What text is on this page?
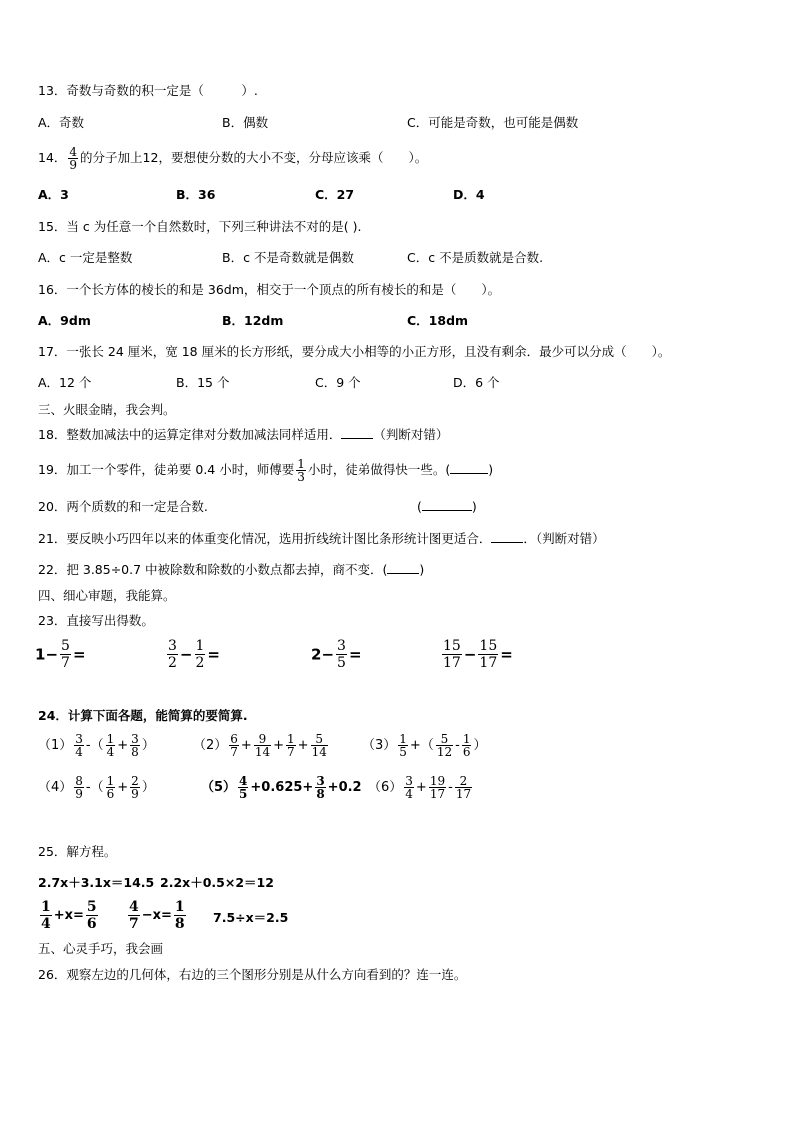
13．奇数与奇数的积一定是（　　　）.
A．奇数	B．偶数	C．可能是奇数，也可能是偶数
14． $\frac{4}{9}$ 的分子加上12，要想使分数的大小不变，分母应该乘（　　）。
A．3	B．36	C．27	D．4
15．当 c 为任意一个自然数时，下列三种讲法不对的是( ).
A．c 一定是整数	B．c 不是奇数就是偶数	C．c 不是质数就是合数.
16．一个长方体的棱长的和是 36dm，相交于一个顶点的所有棱长的和是（　　）。
A．9dm	B．12dm	C．18dm
17．一张长 24 厘米，宽 18 厘米的长方形纸，要分成大小相等的小正方形，且没有剩余．最少可以分成（　　）。
A．12 个	B．15 个	C．9 个	D．6 个
三、火眼金睛，我会判。
18．整数加减法中的运算定律对分数加减法同样适用．	（判断对错）
19．加工一个零件，徒弟要 0.4 小时，师傅要 $\frac{1}{3}$ 小时，徒弟做得快一些。(	)
20．两个质数的和一定是合数.	(	)
21．要反映小巧四年以来的体重变化情况，选用折线统计图比条形统计图更适合．	．（判断对错）
22．把 3.85÷0.7 中被除数和除数的小数点都去掉，商不变．(	)
四、细心审题，我能算。
23．直接写出得数。
$1- \frac{5}{7}$ =	$\frac{3}{2} - \frac{1}{2}$ =	$2- \frac{3}{5}$ =	$\frac{15}{17} - \frac{15}{17}$ =
24．计算下面各题，能简算的要简算.
$(1) \frac{3}{4}$ -（ $\frac{1}{4} + \frac{3}{8}$ ）	$(2) \frac{6}{7} + \frac{9}{14} + \frac{1}{7} + \frac{5}{14}$	$(3) \frac{1}{5}$ +（ $\frac{5}{12} - \frac{1}{6}$ ）
$(4) \frac{8}{9}$ -（ $\frac{1}{6} + \frac{2}{9}$ ）	$(5) \frac{4}{5} +0.625+ \frac{3}{8} +0.2$ $(6) \frac{3}{4} + \frac{19}{17} - \frac{2}{17}$
25．解方程。
2.7x＋3.1x＝14.5 2.2x＋0.5×2＝12
$\frac{1}{4} +x= \frac{5}{6} \frac{4}{7} -x= \frac{1}{8} 7.5\div x=2.5$
五、心灵手巧，我会画
26．观察左边的几何体，右边的三个图形分别是从什么方向看到的？连一连。
